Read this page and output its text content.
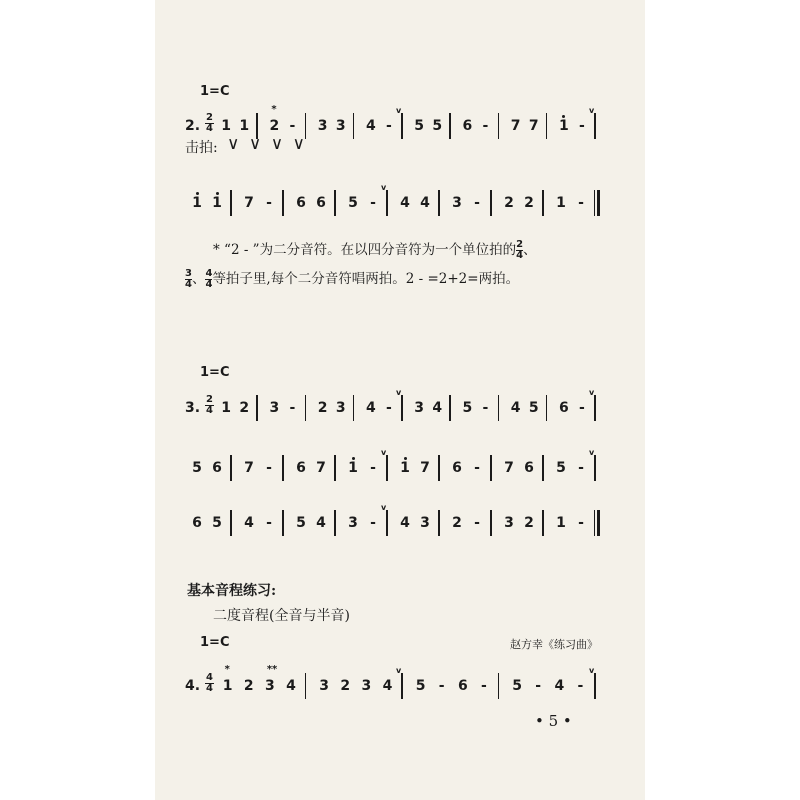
1=C
2. $\frac{2}{4} 1$ 1 2
*
- 3 3 4 -
v
5 5 6 - 7 7 1 -
v
击拍: ∨ ∨ ∨ ∨
1 1 7 - 6 6 5 -
v
4 4 3 - 2 2 1 -
* “2 - ”为二分音符。在以四分音符为一个单位拍的 $\frac{2}{4}$ 、
$\frac{3}{4}$ 、 $\frac{4}{4}$ 等拍子里,每个二分音符唱两拍。2 - =2+2=两拍。
1=C
3. $\frac{2}{4} 1$ 2 3 - 2 3 4 -
v
3 4 5 - 4 5 6 -
v
5 6 7 - 6 7 1 -
v
1 7 6 - 7 6 5 -
v
6 5 4 - 5 4 3 -
v
4 3 2 - 3 2 1 -
基本音程练习:
二度音程(全音与半音)
1=C	赵方幸《练习曲》
4. $\frac{4}{4} 1$
*
2 3
**
4 3 2 3 4
v
5 - 6 - 5 - 4 -
v
• 5 •
